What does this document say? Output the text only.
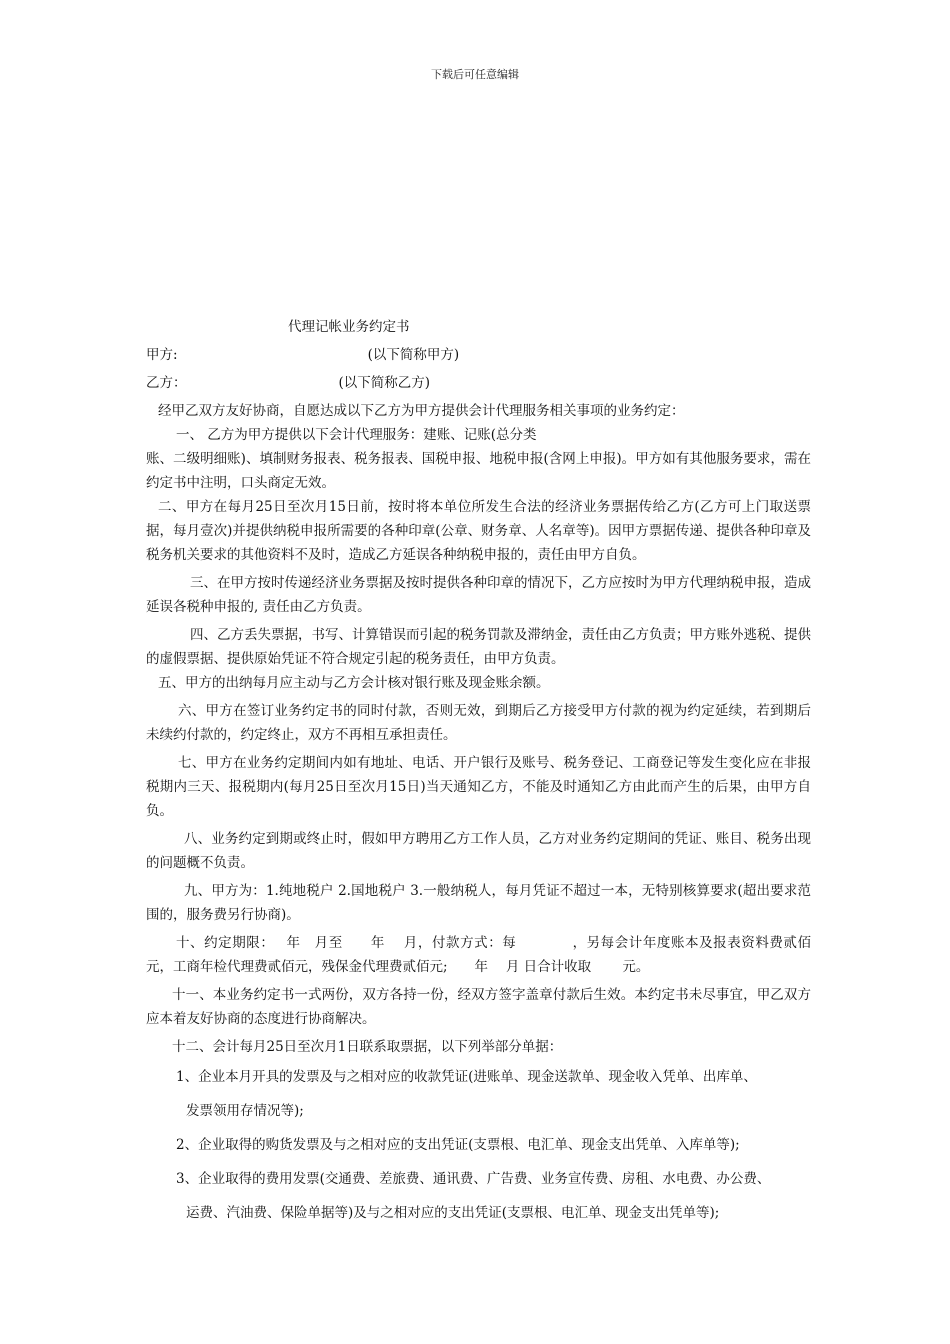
下载后可任意编辑
代理记帐业务约定书

甲方:	(以下简称甲方)

乙方：	(以下简称乙方)

经甲乙双方友好协商，自愿达成以下乙方为甲方提供会计代理服务相关事项的业务约定：

一、 乙方为甲方提供以下会计代理服务：建账、记账(总分类

账、二级明细账)、填制财务报表、税务报表、国税申报、地税申报(含网上申报)。甲方如有其他服务要求，需在约定书中注明，口头商定无效。

二、甲方在每月25日至次月15日前，按时将本单位所发生合法的经济业务票据传给乙方(乙方可上门取送票据，每月壹次)并提供纳税申报所需要的各种印章(公章、财务章、人名章等)。因甲方票据传递、提供各种印章及税务机关要求的其他资料不及时，造成乙方延误各种纳税申报的，责任由甲方自负。

三、在甲方按时传递经济业务票据及按时提供各种印章的情况下，乙方应按时为甲方代理纳税申报，造成延误各税种申报的, 责任由乙方负责。

四、乙方丢失票据，书写、计算错误而引起的税务罚款及滞纳金，责任由乙方负责；甲方账外逃税、提供的虚假票据、提供原始凭证不符合规定引起的税务责任，由甲方负责。

五、甲方的出纳每月应主动与乙方会计核对银行账及现金账余额。

六、甲方在签订业务约定书的同时付款，否则无效，到期后乙方接受甲方付款的视为约定延续，若到期后未续约付款的，约定终止，双方不再相互承担责任。

七、甲方在业务约定期间内如有地址、电话、开户银行及账号、税务登记、工商登记等发生变化应在非报税期内三天、报税期内(每月25日至次月15日)当天通知乙方，不能及时通知乙方由此而产生的后果，由甲方自负。

八、业务约定到期或终止时，假如甲方聘用乙方工作人员，乙方对业务约定期间的凭证、账目、税务出现的问题概不负责。

九、甲方为：1.纯地税户 2.国地税户 3.一般纳税人，每月凭证不超过一本，无特别核算要求(超出要求范围的，服务费另行协商)。

十、约定期限：　 年　月至　　年　 月，付款方式：每　　　　，另每会计年度账本及报表资料费贰佰元，工商年检代理费贰佰元，残保金代理费贰佰元;　　年　 月 日合计收取　　 元。

十一、本业务约定书一式两份，双方各持一份，经双方签字盖章付款后生效。本约定书未尽事宜，甲乙双方应本着友好协商的态度进行协商解决。

十二、会计每月25日至次月1日联系取票据，以下列举部分单据：

1、企业本月开具的发票及与之相对应的收款凭证(进账单、现金送款单、现金收入凭单、出库单、

发票领用存情况等);

2、企业取得的购货发票及与之相对应的支出凭证(支票根、电汇单、现金支出凭单、入库单等);

3、企业取得的费用发票(交通费、差旅费、通讯费、广告费、业务宣传费、房租、水电费、办公费、

运费、汽油费、保险单据等)及与之相对应的支出凭证(支票根、电汇单、现金支出凭单等);
